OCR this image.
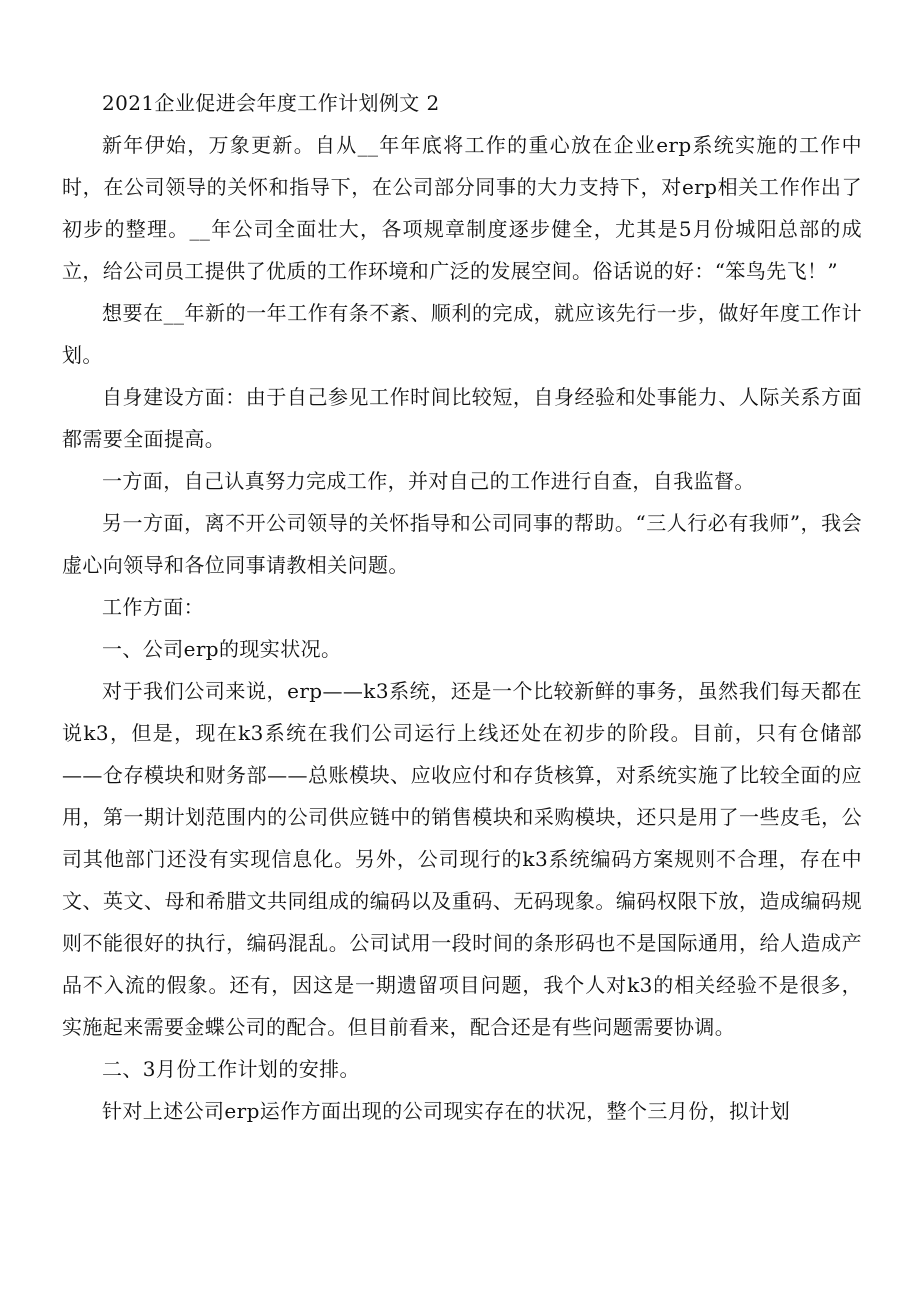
2021企业促进会年度工作计划例文 2

新年伊始，万象更新。自从__年年底将工作的重心放在企业erp系统实施的工作中时，在公司领导的关怀和指导下，在公司部分同事的大力支持下，对erp相关工作作出了初步的整理。__年公司全面壮大，各项规章制度逐步健全，尤其是5月份城阳总部的成立，给公司员工提供了优质的工作环境和广泛的发展空间。俗话说的好：“笨鸟先飞！”

想要在__年新的一年工作有条不紊、顺利的完成，就应该先行一步，做好年度工作计划。

自身建设方面：由于自己参见工作时间比较短，自身经验和处事能力、人际关系方面都需要全面提高。

一方面，自己认真努力完成工作，并对自己的工作进行自查，自我监督。

另一方面，离不开公司领导的关怀指导和公司同事的帮助。“三人行必有我师”，我会虚心向领导和各位同事请教相关问题。

工作方面：

一、公司erp的现实状况。

对于我们公司来说，erp——k3系统，还是一个比较新鲜的事务，虽然我们每天都在说k3，但是，现在k3系统在我们公司运行上线还处在初步的阶段。目前，只有仓储部——仓存模块和财务部——总账模块、应收应付和存货核算，对系统实施了比较全面的应用，第一期计划范围内的公司供应链中的销售模块和采购模块，还只是用了一些皮毛，公司其他部门还没有实现信息化。另外，公司现行的k3系统编码方案规则不合理，存在中文、英文、母和希腊文共同组成的编码以及重码、无码现象。编码权限下放，造成编码规则不能很好的执行，编码混乱。公司试用一段时间的条形码也不是国际通用，给人造成产品不入流的假象。还有，因这是一期遗留项目问题，我个人对k3的相关经验不是很多，实施起来需要金蝶公司的配合。但目前看来，配合还是有些问题需要协调。

二、3月份工作计划的安排。

针对上述公司erp运作方面出现的公司现实存在的状况，整个三月份，拟计划
